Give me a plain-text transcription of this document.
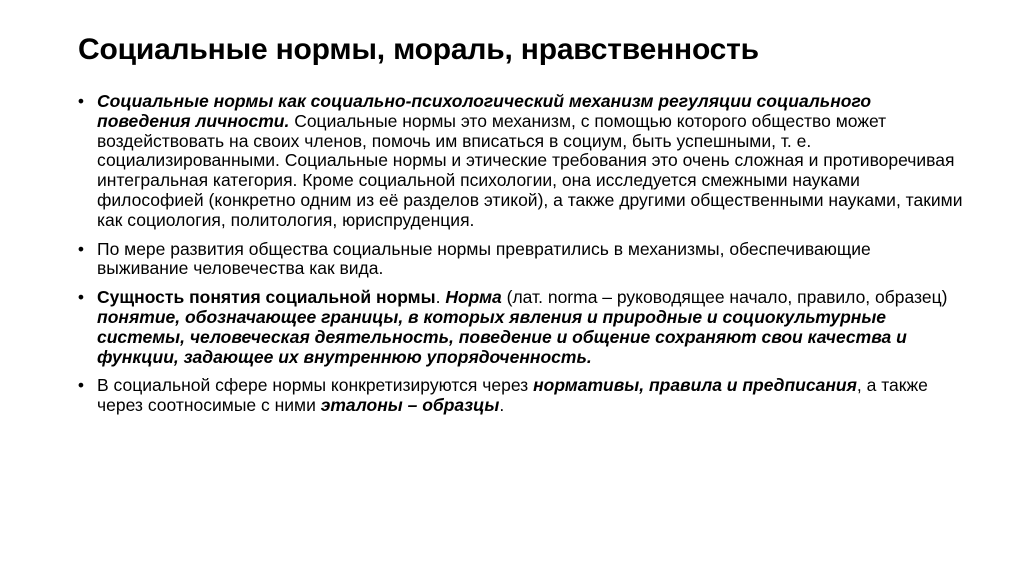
Социальные нормы, мораль, нравственность
• Социальные нормы как социально-психологический механизм регуляции социального поведения личности. Социальные нормы это механизм, с помощью которого общество может воздействовать на своих членов, помочь им вписаться в социум, быть успешными, т. е. социализированными. Социальные нормы и этические требования это очень сложная и противоречивая интегральная категория. Кроме социальной психологии, она исследуется смежными науками философией (конкретно одним из её разделов этикой), а также другими общественными науками, такими как социология, политология, юриспруденция.
• По мере развития общества социальные нормы превратились в механизмы, обеспечивающие выживание человечества как вида.
• Сущность понятия социальной нормы. Норма (лат. norma – руководящее начало, правило, образец) понятие, обозначающее границы, в которых явления и природные и социокультурные системы, человеческая деятельность, поведение и общение сохраняют свои качества и функции, задающее их внутреннюю упорядоченность.
• В социальной сфере нормы конкретизируются через нормативы, правила и предписания, а также через соотносимые с ними эталоны – образцы.
